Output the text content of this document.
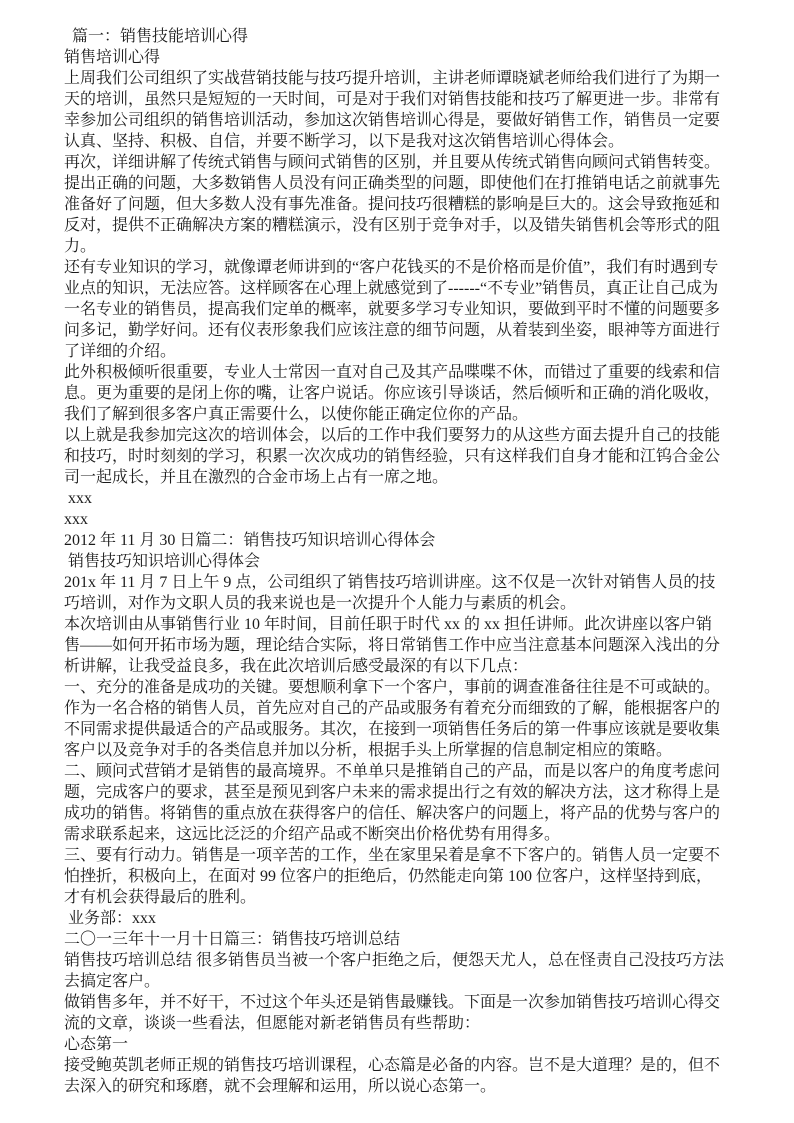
篇一：销售技能培训心得
销售培训心得
上周我们公司组织了实战营销技能与技巧提升培训，主讲老师谭晓斌老师给我们进行了为期一
天的培训，虽然只是短短的一天时间，可是对于我们对销售技能和技巧了解更进一步。非常有
幸参加公司组织的销售培训活动，参加这次销售培训心得是，要做好销售工作，销售员一定要
认真、坚持、积极、自信，并要不断学习，以下是我对这次销售培训心得体会。
再次，详细讲解了传统式销售与顾问式销售的区别，并且要从传统式销售向顾问式销售转变。
提出正确的问题，大多数销售人员没有问正确类型的问题，即使他们在打推销电话之前就事先
准备好了问题，但大多数人没有事先准备。提问技巧很糟糕的影响是巨大的。这会导致拖延和
反对，提供不正确解决方案的糟糕演示，没有区别于竞争对手，以及错失销售机会等形式的阻
力。
还有专业知识的学习，就像谭老师讲到的“客户花钱买的不是价格而是价值”，我们有时遇到专
业点的知识，无法应答。这样顾客在心理上就感觉到了------“不专业”销售员，真正让自己成为
一名专业的销售员，提高我们定单的概率，就要多学习专业知识，要做到平时不懂的问题要多
问多记，勤学好问。还有仪表形象我们应该注意的细节问题，从着装到坐姿，眼神等方面进行
了详细的介绍。
此外积极倾听很重要，专业人士常因一直对自己及其产品喋喋不休，而错过了重要的线索和信
息。更为重要的是闭上你的嘴，让客户说话。你应该引导谈话，然后倾听和正确的消化吸收，
我们了解到很多客户真正需要什么，以使你能正确定位你的产品。
以上就是我参加完这次的培训体会，以后的工作中我们要努力的从这些方面去提升自己的技能
和技巧，时时刻刻的学习，积累一次次成功的销售经验，只有这样我们自身才能和江钨合金公
司一起成长，并且在激烈的合金市场上占有一席之地。
xxx
xxx
2012 年 11 月 30 日篇二：销售技巧知识培训心得体会
销售技巧知识培训心得体会
201x 年 11 月 7 日上午 9 点，公司组织了销售技巧培训讲座。这不仅是一次针对销售人员的技
巧培训，对作为文职人员的我来说也是一次提升个人能力与素质的机会。
本次培训由从事销售行业 10 年时间，目前任职于时代 xx 的 xx 担任讲师。此次讲座以客户销
售——如何开拓市场为题，理论结合实际，将日常销售工作中应当注意基本问题深入浅出的分
析讲解，让我受益良多，我在此次培训后感受最深的有以下几点：
一、充分的准备是成功的关键。要想顺利拿下一个客户，事前的调查准备往往是不可或缺的。
作为一名合格的销售人员，首先应对自己的产品或服务有着充分而细致的了解，能根据客户的
不同需求提供最适合的产品或服务。其次，在接到一项销售任务后的第一件事应该就是要收集
客户以及竞争对手的各类信息并加以分析，根据手头上所掌握的信息制定相应的策略。
二、顾问式营销才是销售的最高境界。不单单只是推销自己的产品，而是以客户的角度考虑问
题，完成客户的要求，甚至是预见到客户未来的需求提出行之有效的解决方法，这才称得上是
成功的销售。将销售的重点放在获得客户的信任、解决客户的问题上，将产品的优势与客户的
需求联系起来，这远比泛泛的介绍产品或不断突出价格优势有用得多。
三、要有行动力。销售是一项辛苦的工作，坐在家里呆着是拿不下客户的。销售人员一定要不
怕挫折，积极向上，在面对 99 位客户的拒绝后，仍然能走向第 100 位客户，这样坚持到底，
才有机会获得最后的胜利。
业务部：xxx
二〇一三年十一月十日篇三：销售技巧培训总结
销售技巧培训总结 很多销售员当被一个客户拒绝之后，便怨天尤人，总在怪责自己没技巧方法
去搞定客户。
做销售多年，并不好干，不过这个年头还是销售最赚钱。下面是一次参加销售技巧培训心得交
流的文章，谈谈一些看法，但愿能对新老销售员有些帮助：
心态第一
接受鲍英凯老师正规的销售技巧培训课程，心态篇是必备的内容。岂不是大道理？是的，但不
去深入的研究和琢磨，就不会理解和运用，所以说心态第一。
